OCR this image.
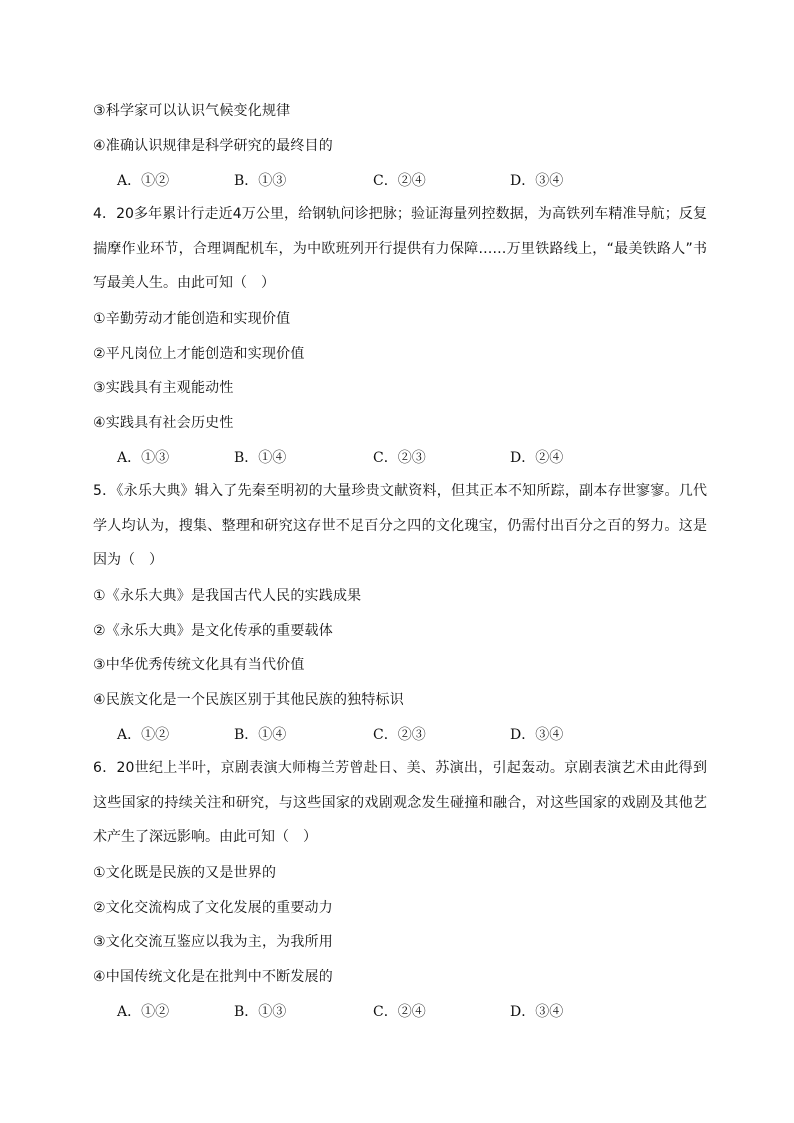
③科学家可以认识气候变化规律
④准确认识规律是科学研究的最终目的
A．①②	B．①③	C．②④	D．③④
4．20多年累计行走近4万公里，给钢轨问诊把脉；验证海量列控数据，为高铁列车精准导航；反复揣摩作业环节，合理调配机车，为中欧班列开行提供有力保障……万里铁路线上，“最美铁路人”书写最美人生。由此可知（　）
①辛勤劳动才能创造和实现价值
②平凡岗位上才能创造和实现价值
③实践具有主观能动性
④实践具有社会历史性
A．①③	B．①④	C．②③	D．②④
5．《永乐大典》辑入了先秦至明初的大量珍贵文献资料，但其正本不知所踪，副本存世寥寥。几代学人均认为，搜集、整理和研究这存世不足百分之四的文化瑰宝，仍需付出百分之百的努力。这是因为（　）
①《永乐大典》是我国古代人民的实践成果
②《永乐大典》是文化传承的重要载体
③中华优秀传统文化具有当代价值
④民族文化是一个民族区别于其他民族的独特标识
A．①②	B．①④	C．②③	D．③④
6．20世纪上半叶，京剧表演大师梅兰芳曾赴日、美、苏演出，引起轰动。京剧表演艺术由此得到这些国家的持续关注和研究，与这些国家的戏剧观念发生碰撞和融合，对这些国家的戏剧及其他艺术产生了深远影响。由此可知（　）
①文化既是民族的又是世界的
②文化交流构成了文化发展的重要动力
③文化交流互鉴应以我为主，为我所用
④中国传统文化是在批判中不断发展的
A．①②	B．①③	C．②④	D．③④
